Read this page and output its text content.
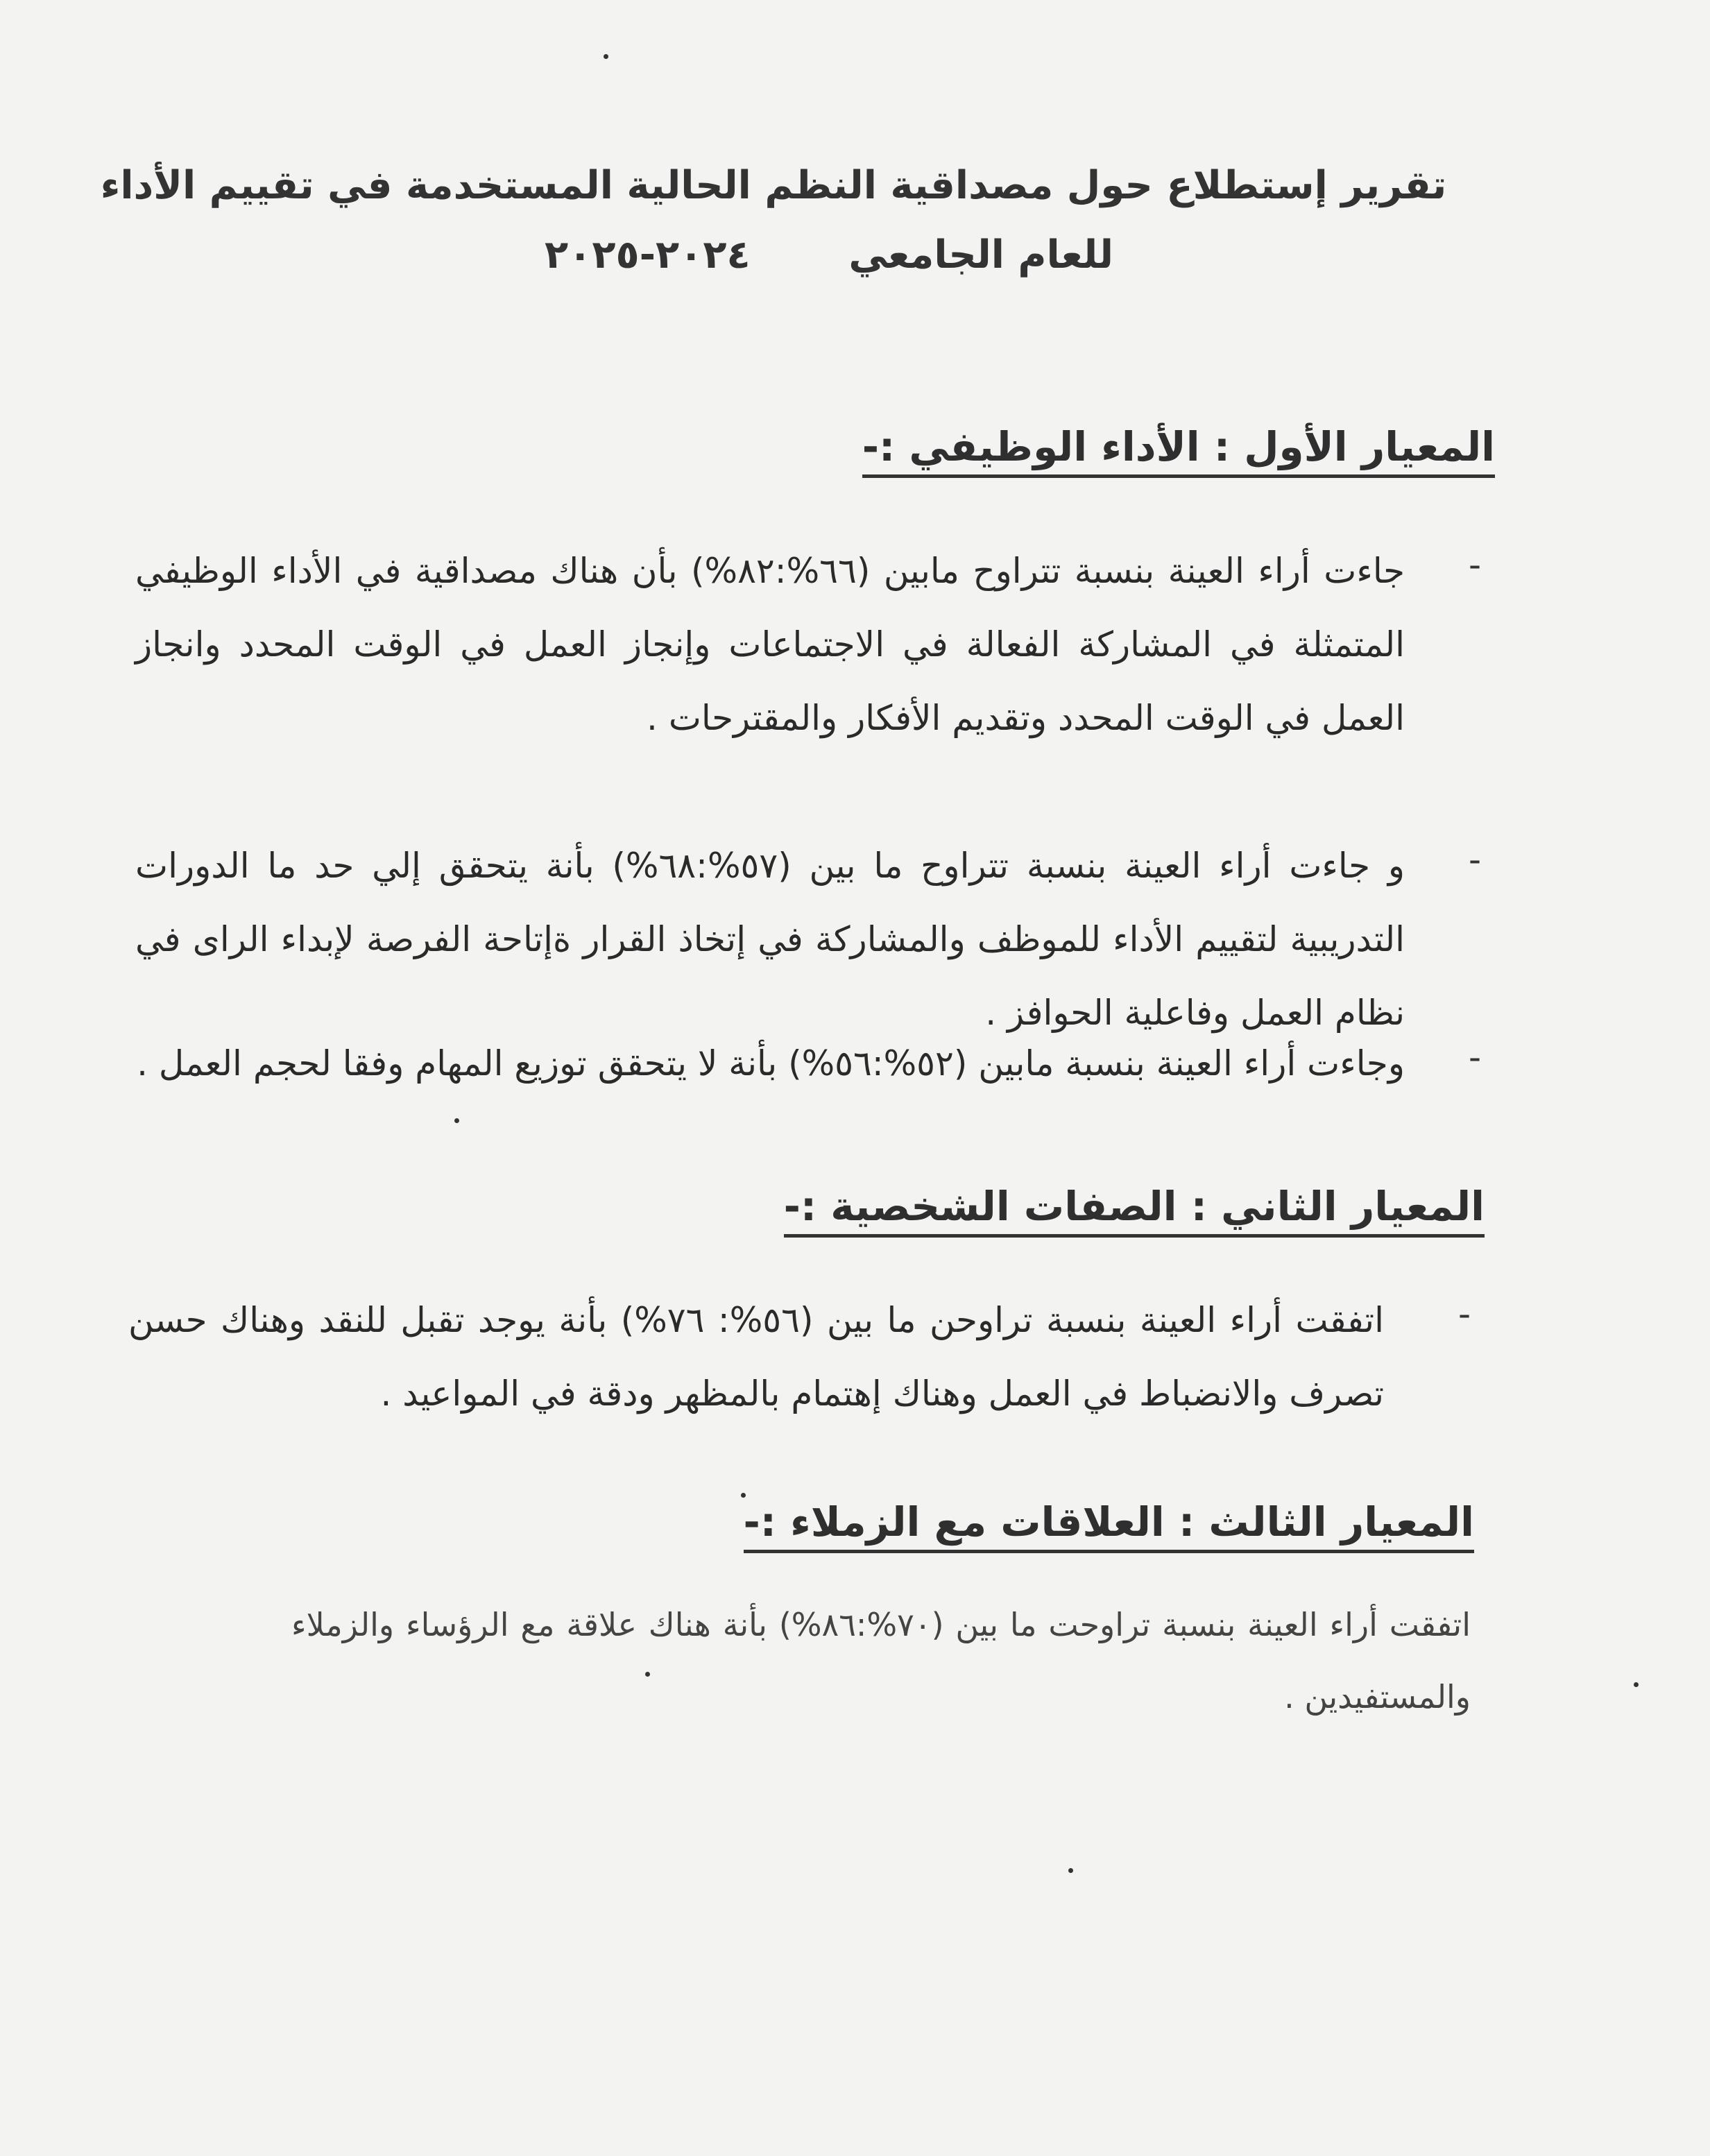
تقرير إستطلاع حول مصداقية النظم الحالية المستخدمة في تقييم الأداء
للعام الجامعي
٢٠٢٤-٢٠٢٥
المعيار الأول : الأداء الوظيفي :-
-
جاءت أراء العينة بنسبة تتراوح مابين (٦٦%:٨٢%) بأن هناك مصداقية في الأداء الوظيفي المتمثلة في المشاركة الفعالة في الاجتماعات وإنجاز العمل في الوقت المحدد وانجاز العمل في الوقت المحدد وتقديم الأفكار والمقترحات .
-
و جاءت أراء العينة بنسبة تتراوح ما بين (٥٧%:٦٨%) بأنة يتحقق إلي حد ما الدورات التدريبية لتقييم الأداء للموظف والمشاركة في إتخاذ القرار ةإتاحة الفرصة لإبداء الراى في نظام العمل وفاعلية الحوافز .
-
وجاءت أراء العينة بنسبة مابين (٥٢%:٥٦%) بأنة لا يتحقق توزيع المهام وفقا لحجم العمل .
المعيار الثاني : الصفات الشخصية :-
-
اتفقت أراء العينة بنسبة تراوحن ما بين (٥٦%: ٧٦%) بأنة يوجد تقبل للنقد وهناك حسن تصرف والانضباط في العمل وهناك إهتمام بالمظهر ودقة في المواعيد .
المعيار الثالث : العلاقات مع الزملاء :-
اتفقت أراء العينة بنسبة تراوحت ما بين (٧٠%:٨٦%) بأنة هناك علاقة مع الرؤساء والزملاء والمستفيدين .
